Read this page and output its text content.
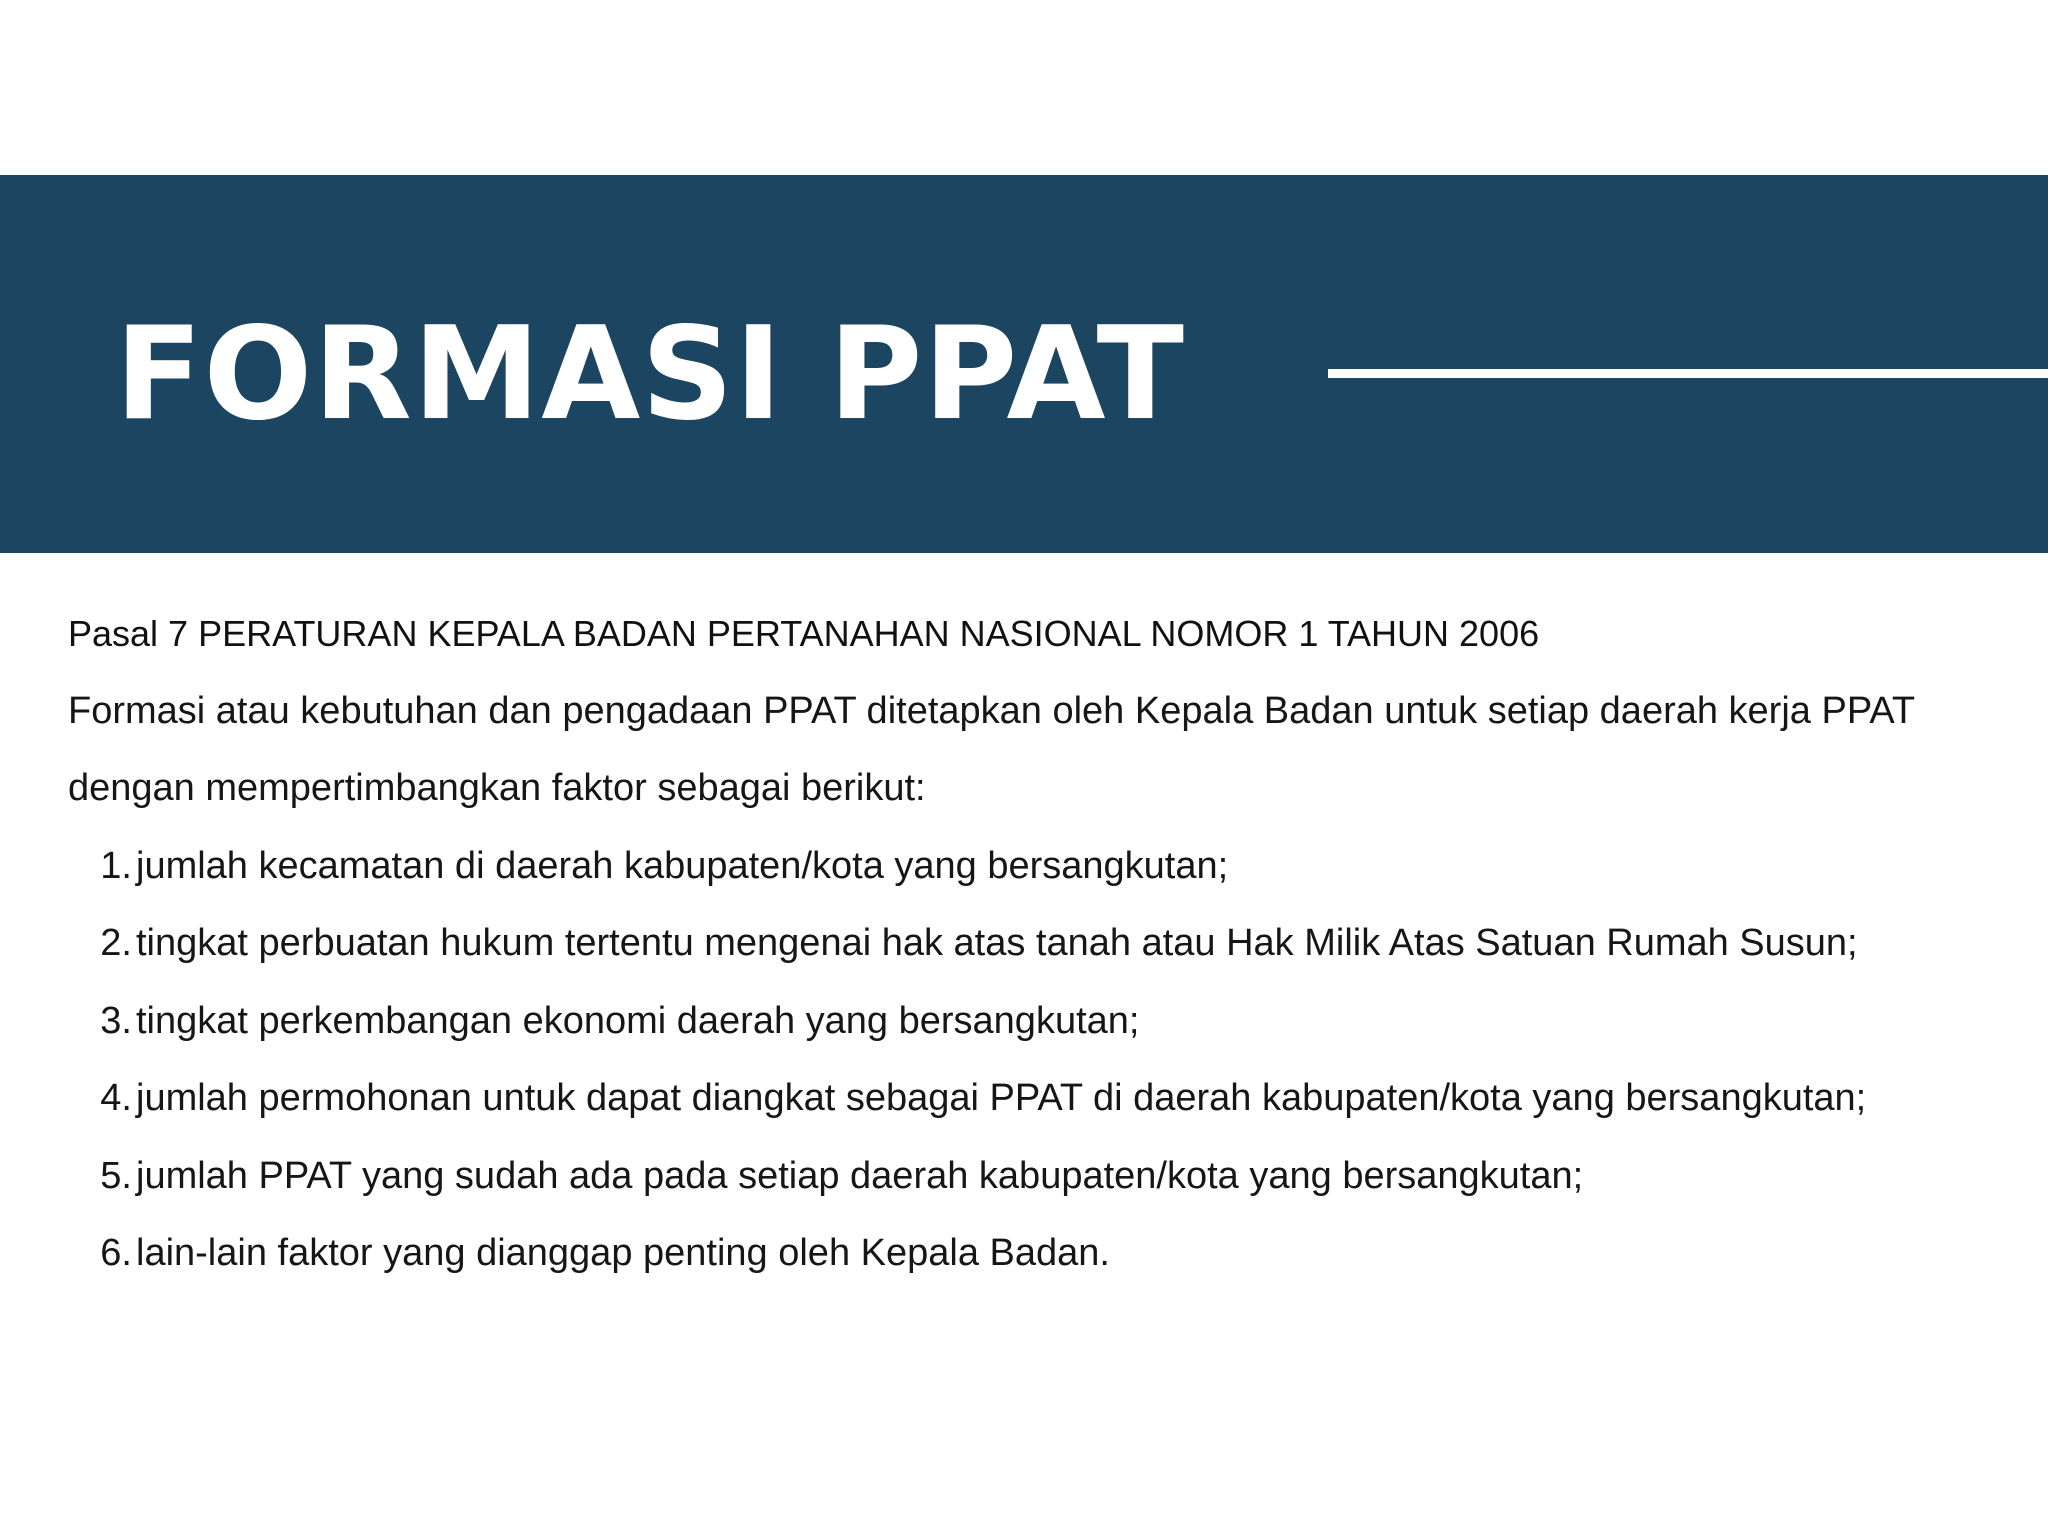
FORMASI PPAT

Pasal 7 PERATURAN KEPALA BADAN PERTANAHAN NASIONAL NOMOR 1 TAHUN 2006

Formasi atau kebutuhan dan pengadaan PPAT ditetapkan oleh Kepala Badan untuk setiap daerah kerja PPAT dengan mempertimbangkan faktor sebagai berikut:

1. jumlah kecamatan di daerah kabupaten/kota yang bersangkutan;
2. tingkat perbuatan hukum tertentu mengenai hak atas tanah atau Hak Milik Atas Satuan Rumah Susun;
3. tingkat perkembangan ekonomi daerah yang bersangkutan;
4. jumlah permohonan untuk dapat diangkat sebagai PPAT di daerah kabupaten/kota yang bersangkutan;
5. jumlah PPAT yang sudah ada pada setiap daerah kabupaten/kota yang bersangkutan;
6. lain-lain faktor yang dianggap penting oleh Kepala Badan.
